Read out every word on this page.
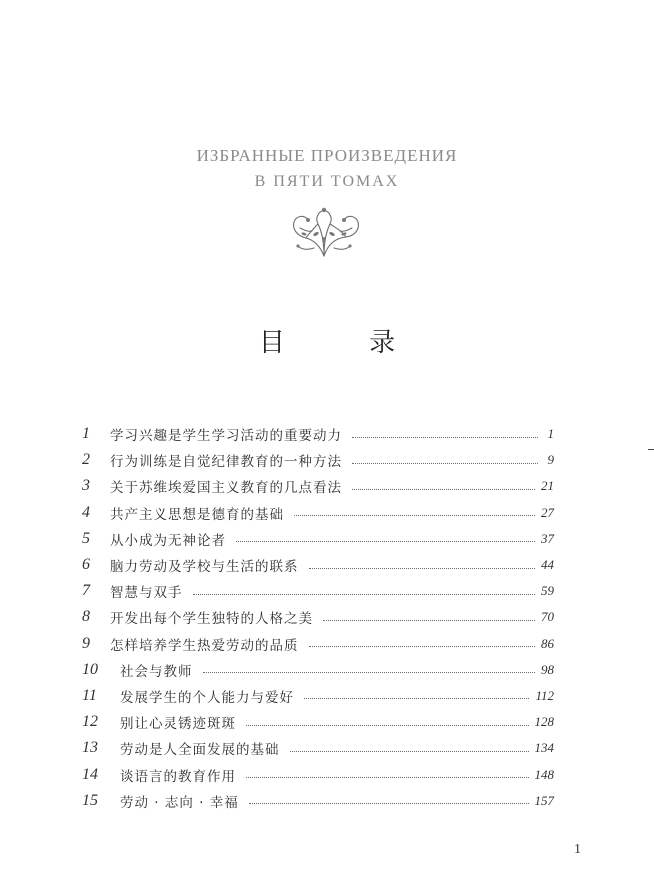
ИЗБРАННЫЕ ПРОИЗВЕДЕНИЯ
В ПЯТИ ТОМАХ
目 录
1	学习兴趣是学生学习活动的重要动力	1
2	行为训练是自觉纪律教育的一种方法	9
3	关于苏维埃爱国主义教育的几点看法	21
4	共产主义思想是德育的基础	27
5	从小成为无神论者	37
6	脑力劳动及学校与生活的联系	44
7	智慧与双手	59
8	开发出每个学生独特的人格之美	70
9	怎样培养学生热爱劳动的品质	86
10	社会与教师	98
11	发展学生的个人能力与爱好	112
12	别让心灵锈迹斑斑	128
13	劳动是人全面发展的基础	134
14	谈语言的教育作用	148
15	劳动 · 志向 · 幸福	157
1
